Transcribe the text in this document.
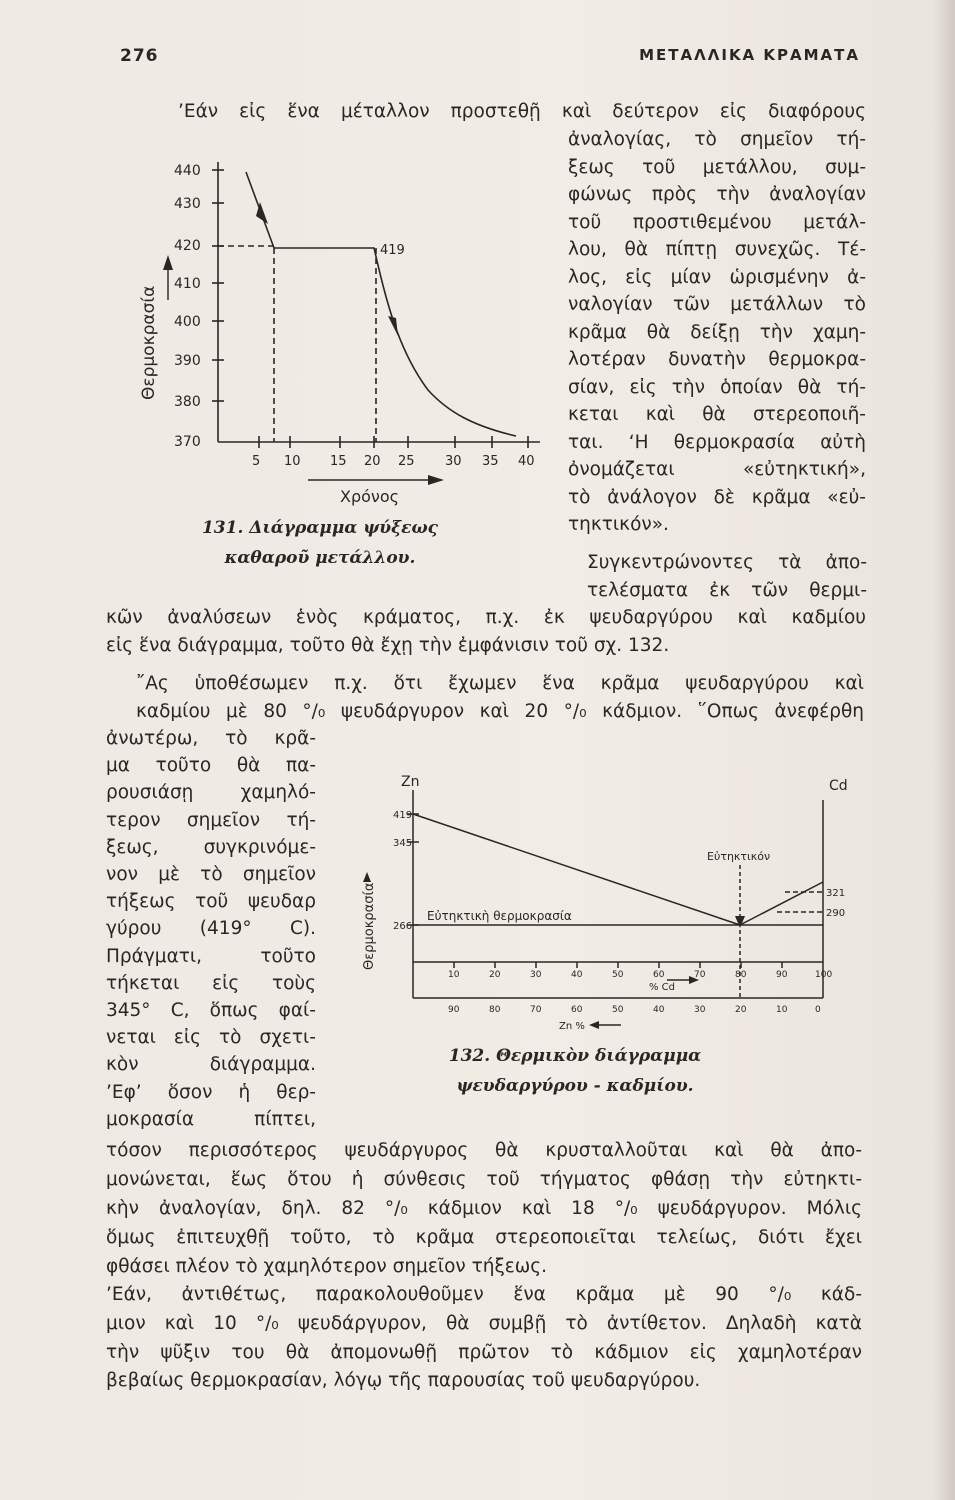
276	ΜΕΤΑΛΛΙΚΑ ΚΡΑΜΑΤΑ
’Εάν εἰς ἕνα μέταλλον προστεθῇ καὶ δεύτερον εἰς διαφόρους
ἀναλογίας, τὸ σημεῖον τή-
ξεως τοῦ μετάλλου, συμ-
φώνως πρὸς τὴν ἀναλογίαν
τοῦ προστιθεμένου μετάλ-
λου, θὰ πίπτῃ συνεχῶς. Τέ-
λος, εἰς μίαν ὡρισμένην ἀ-
ναλογίαν τῶν μετάλλων τὸ
κρᾶμα θὰ δείξῃ τὴν χαμη-
λοτέραν δυνατὴν θερμοκρα-
σίαν, εἰς τὴν ὁποίαν θὰ τή-
κεται καὶ θὰ στερεοποιῆ-
ται. ‘Η θερμοκρασία αὐτὴ
ὀνομάζεται «εὐτηκτική»,
τὸ ἀνάλογον δὲ κρᾶμα «εὐ-
τηκτικόν».
440
430
420
410
400
390
380
370
5 10 15 20 25 30 35 40
419
Χρόνος
Θερμοκρασία
131. Διάγραμμα ψύξεως
καθαροῦ μετάλλου.	Συγκεντρώνοντες τὰ ἀπο-
τελέσματα ἐκ τῶν θερμι-
κῶν ἀναλύσεων ἑνὸς κράματος, π.χ. ἐκ ψευδαργύρου καὶ καδμίου
εἰς ἕνα διάγραμμα, τοῦτο θὰ ἔχῃ τὴν ἐμφάνισιν τοῦ σχ. 132.
῎Ας ὑποθέσωμεν π.χ. ὅτι ἔχωμεν ἕνα κρᾶμα ψευδαργύρου καὶ
καδμίου μὲ 80 °/₀ ψευδάργυρον καὶ 20 °/₀ κάδμιον. ῞Οπως ἀνεφέρθη
ἀνωτέρω, τὸ κρᾶ-
μα τοῦτο θὰ πα-
ρουσιάσῃ χαμηλό-
τερον σημεῖον τή-
ξεως, συγκρινόμε-
νον μὲ τὸ σημεῖον
τήξεως τοῦ ψευδαρ
γύρου (419° C).
Πράγματι, τοῦτο
τήκεται εἰς τοὺς
345° C, ὅπως φαί-
νεται εἰς τὸ σχετι-
κὸν διάγραμμα.
’Εφ’ ὅσον ἡ θερ-
μοκρασία πίπτει,
Zn	Cd
419
345
266
321
290
Εὐτηκτικόν
Εὐτηκτικὴ θερμοκρασία
Θερμοκρασία
10	20	30	40	50	60	70	80	90	100
% Cd
90	80	70	60	50	40	30	20	10	0
Zn %
132. Θερμικὸν διάγραμμα
ψευδαργύρου - καδμίου.
τόσον περισσότερος ψευδάργυρος θὰ κρυσταλλοῦται καὶ θὰ ἀπο-
μονώνεται, ἕως ὅτου ἡ σύνθεσις τοῦ τήγματος φθάσῃ τὴν εὐτηκτι-
κὴν ἀναλογίαν, δηλ. 82 °/₀ κάδμιον καὶ 18 °/₀ ψευδάργυρον. Μόλις
ὅμως ἐπιτευχθῇ τοῦτο, τὸ κρᾶμα στερεοποιεῖται τελείως, διότι ἔχει
φθάσει πλέον τὸ χαμηλότερον σημεῖον τήξεως.
’Εάν, ἀντιθέτως, παρακολουθοῦμεν ἕνα κρᾶμα μὲ 90 °/₀ κάδ-
μιον καὶ 10 °/₀ ψευδάργυρον, θὰ συμβῇ τὸ ἀντίθετον. Δηλαδὴ κατὰ
τὴν ψῦξιν του θὰ ἀπομονωθῇ πρῶτον τὸ κάδμιον εἰς χαμηλοτέραν
βεβαίως θερμοκρασίαν, λόγῳ τῆς παρουσίας τοῦ ψευδαργύρου.
